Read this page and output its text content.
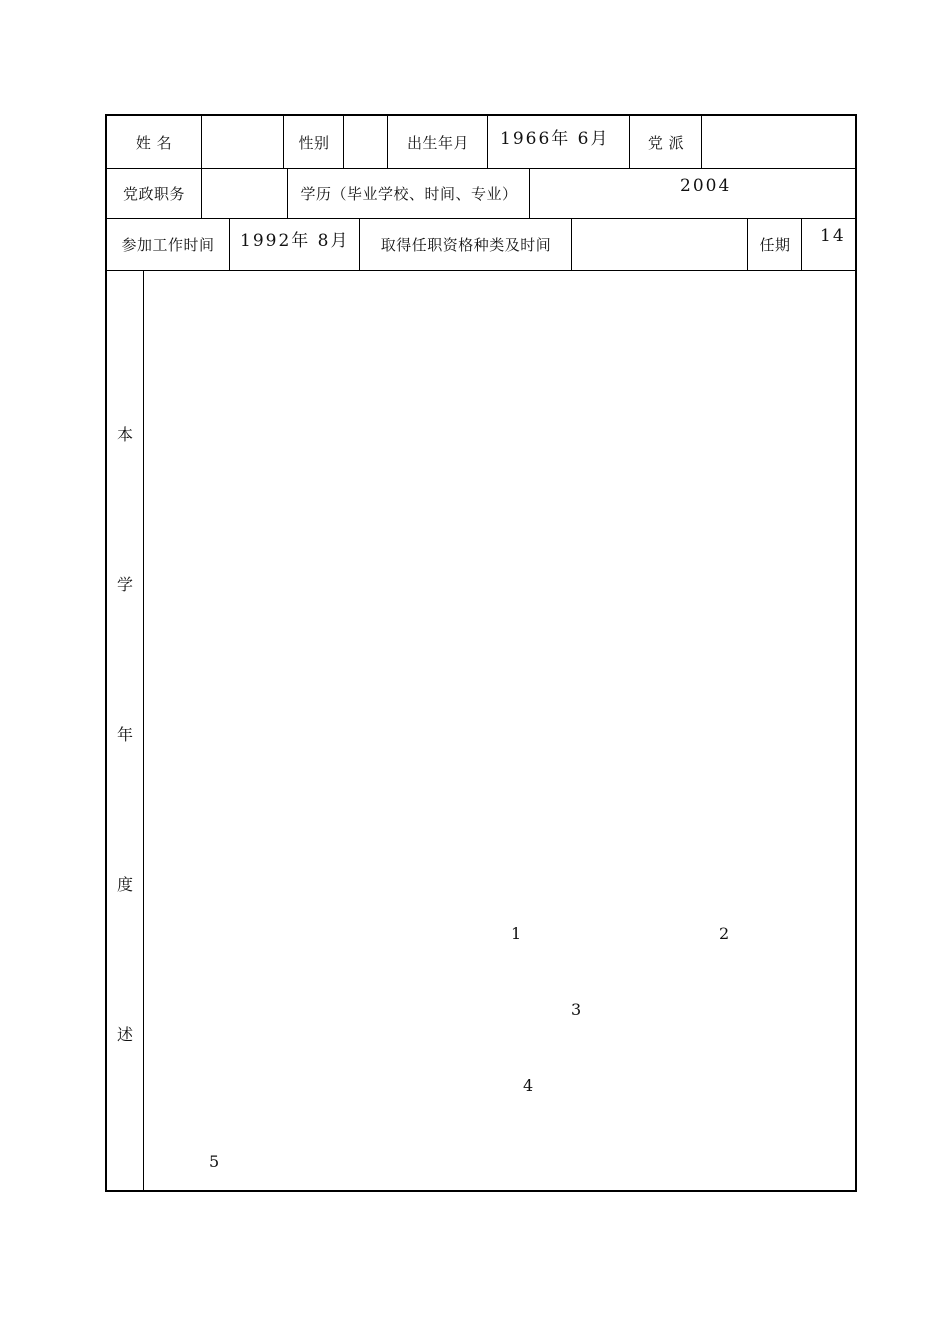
姓 名	性别	出生年月	1966年 6月	党 派
党政职务	学历（毕业学校、时间、专业）	2004
参加工作时间	1992年 8月	取得任职资格种类及时间	任期	14
本
学
年
度
述
1	2
3
4
5
